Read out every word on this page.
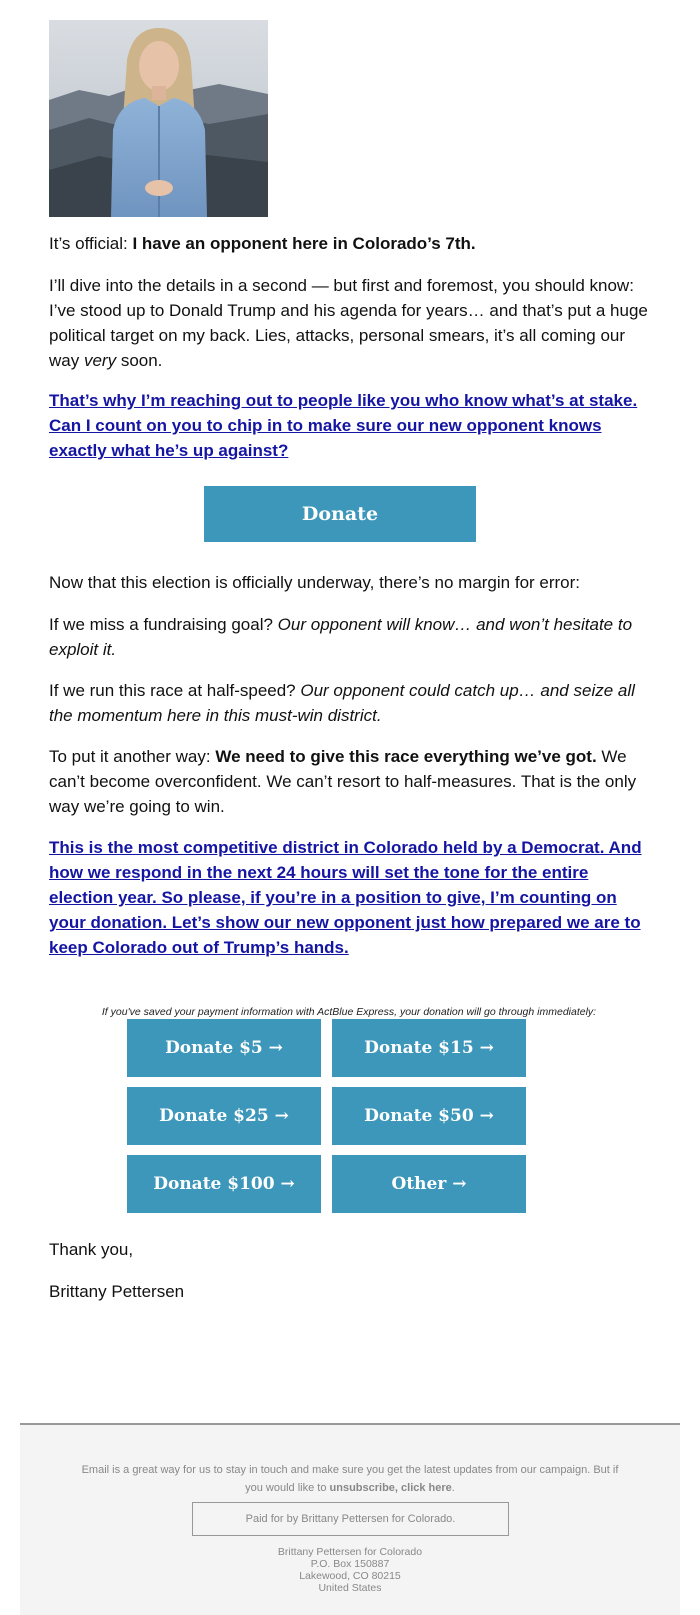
It’s official: I have an opponent here in Colorado’s 7th.

I’ll dive into the details in a second — but first and foremost, you should know: I’ve stood up to Donald Trump and his agenda for years… and that’s put a huge political target on my back. Lies, attacks, personal smears, it’s all coming our way very soon.

That’s why I’m reaching out to people like you who know what’s at stake. Can I count on you to chip in to make sure our new opponent knows exactly what he’s up against?

Donate

Now that this election is officially underway, there’s no margin for error:

If we miss a fundraising goal? Our opponent will know… and won’t hesitate to exploit it.

If we run this race at half-speed? Our opponent could catch up… and seize all the momentum here in this must-win district.

To put it another way: We need to give this race everything we’ve got. We can’t become overconfident. We can’t resort to half-measures. That is the only way we’re going to win.

This is the most competitive district in Colorado held by a Democrat. And how we respond in the next 24 hours will set the tone for the entire election year. So please, if you’re in a position to give, I’m counting on your donation. Let’s show our new opponent just how prepared we are to keep Colorado out of Trump’s hands.

If you've saved your payment information with ActBlue Express, your donation will go through immediately:
Donate $5 →	Donate $15 →
Donate $25 →	Donate $50 →
Donate $100 →	Other →

Thank you,

Brittany Pettersen

Email is a great way for us to stay in touch and make sure you get the latest updates from our campaign. But if you would like to unsubscribe, click here.
Paid for by Brittany Pettersen for Colorado.
Brittany Pettersen for Colorado
P.O. Box 150887
Lakewood, CO 80215
United States
